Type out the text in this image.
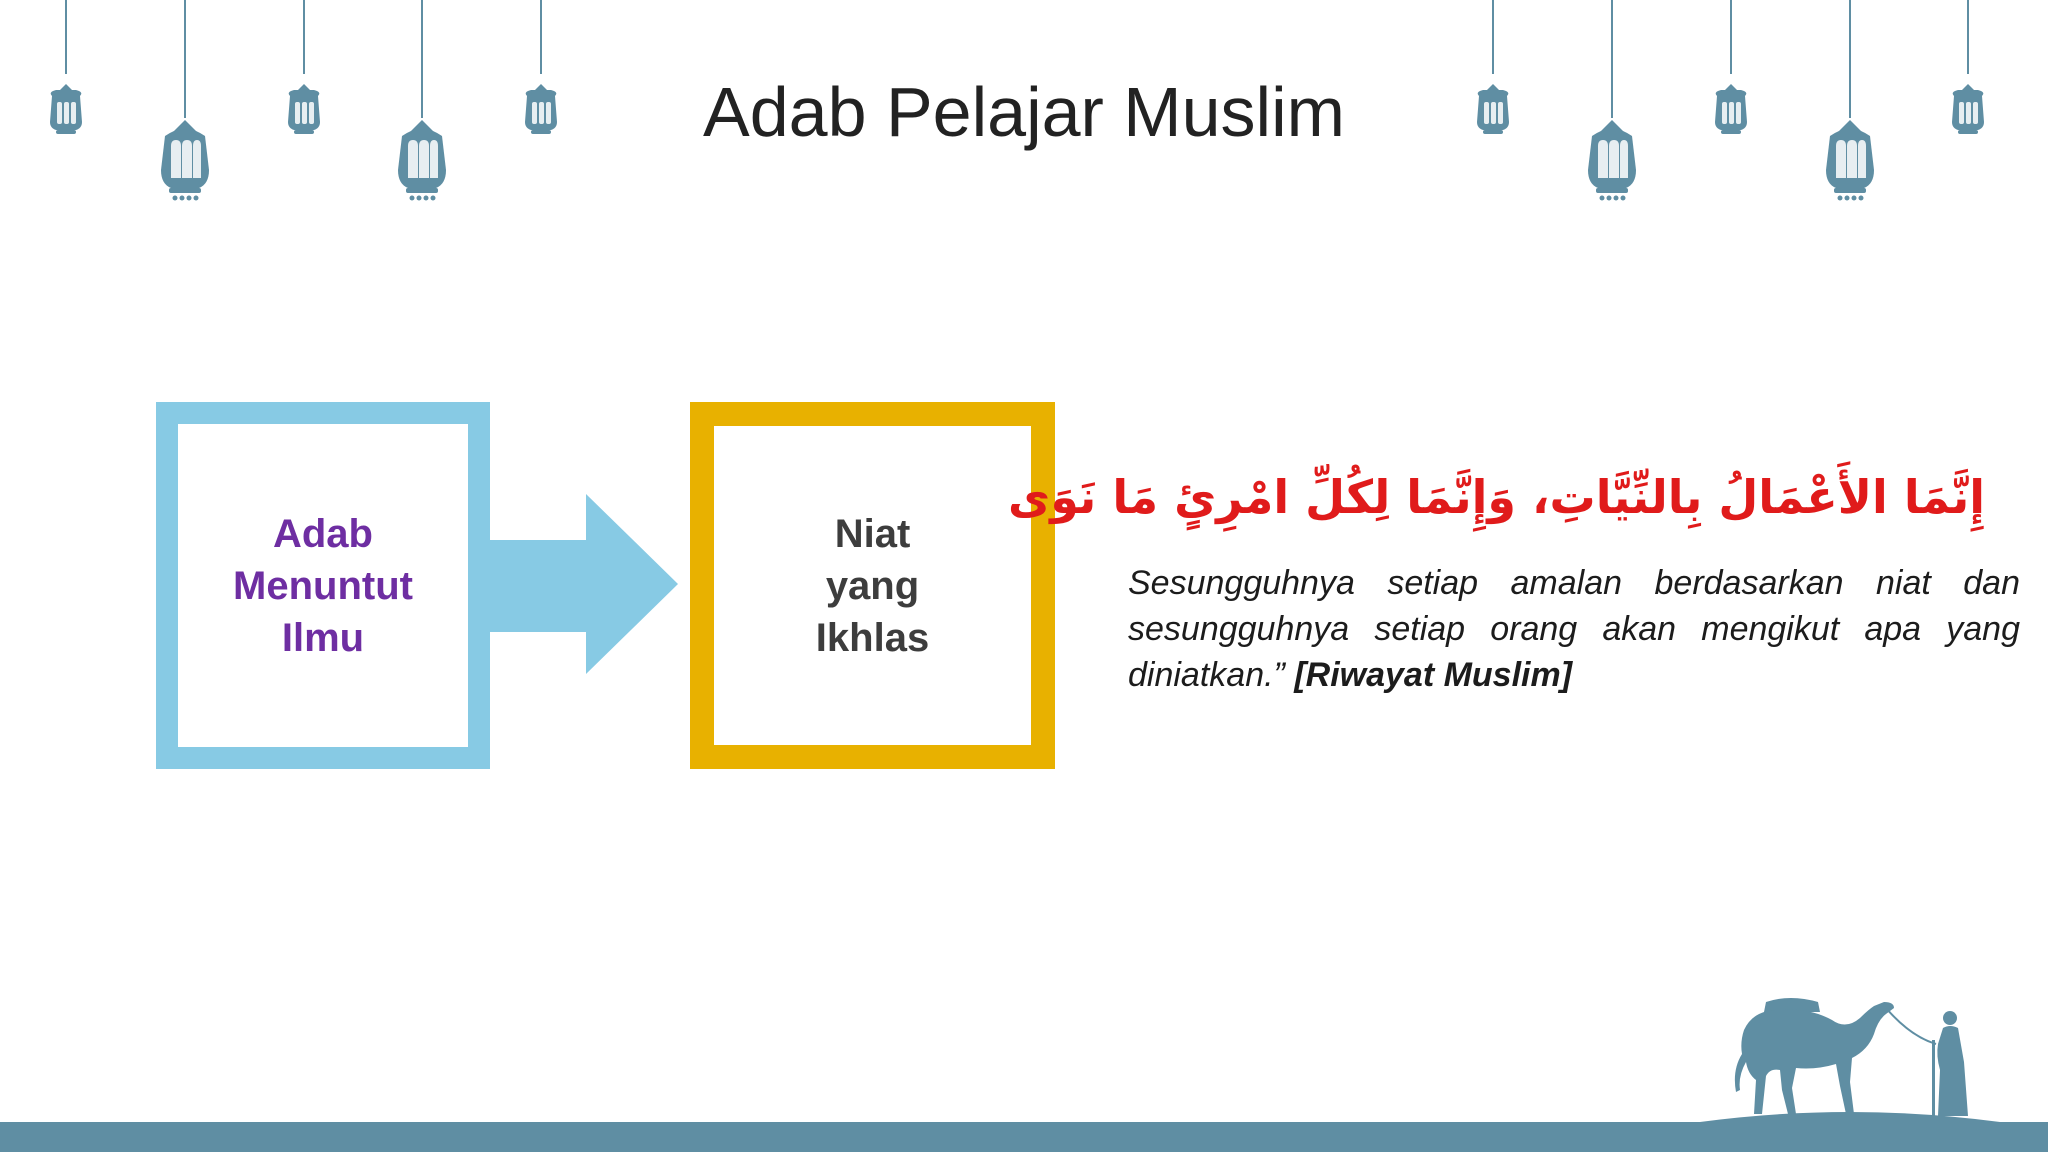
Adab Pelajar Muslim
Adab
Menuntut
Ilmu
Niat
yang
Ikhlas
إِنَّمَا الأَعْمَالُ بِالنِّيَّاتِ، وَإِنَّمَا لِكُلِّ امْرِئٍ مَا نَوَى
Sesungguhnya setiap amalan berdasarkan niat dan sesungguhnya setiap orang akan mengikut apa yang diniatkan.” [Riwayat Muslim]
